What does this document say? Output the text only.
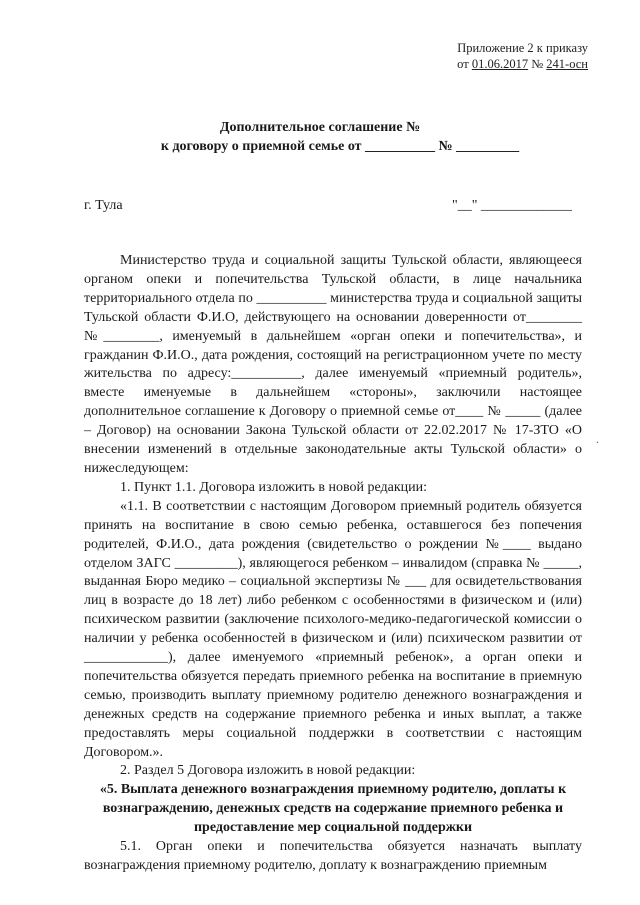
Приложение 2 к приказу
от 01.06.2017 № 241-осн
Дополнительное соглашение №
к договору о приемной семье от __________ № _________
г. Тула	"__" _____________
.

Министерство труда и социальной защиты Тульской области, являющееся органом опеки и попечительства Тульской области, в лице начальника территориального отдела по __________ министерства труда и социальной защиты Тульской области Ф.И.О, действующего на основании доверенности от________ №________, именуемый в дальнейшем «орган опеки и попечительства», и гражданин Ф.И.О., дата рождения, состоящий на регистрационном учете по месту жительства по адресу:__________, далее именуемый «приемный родитель», вместе именуемые в дальнейшем «стороны», заключили настоящее дополнительное соглашение к Договору о приемной семье от____ № _____ (далее – Договор) на основании Закона Тульской области от 22.02.2017 № 17-ЗТО «О внесении изменений в отдельные законодательные акты Тульской области» о нижеследующем:

1. Пункт 1.1. Договора изложить в новой редакции:

«1.1. В соответствии с настоящим Договором приемный родитель обязуется принять на воспитание в свою семью ребенка, оставшегося без попечения родителей, Ф.И.О., дата рождения (свидетельство о рождении №____ выдано отделом ЗАГС _________), являющегося ребенком – инвалидом (справка № _____, выданная Бюро медико – социальной экспертизы № ___ для освидетельствования лиц в возрасте до 18 лет) либо ребенком с особенностями в физическом и (или) психическом развитии (заключение психолого-медико-педагогической комиссии о наличии у ребенка особенностей в физическом и (или) психическом развитии от ____________), далее именуемого «приемный ребенок», а орган опеки и попечительства обязуется передать приемного ребенка на воспитание в приемную семью, производить выплату приемному родителю денежного вознаграждения и денежных средств на содержание приемного ребенка и иных выплат, а также предоставлять меры социальной поддержки в соответствии с настоящим Договором.».

2. Раздел 5 Договора изложить в новой редакции:

«5. Выплата денежного вознаграждения приемному родителю, доплаты к вознаграждению, денежных средств на содержание приемного ребенка и предоставление мер социальной поддержки

5.1. Орган опеки и попечительства обязуется назначать выплату вознаграждения приемному родителю, доплату к вознаграждению приемным
